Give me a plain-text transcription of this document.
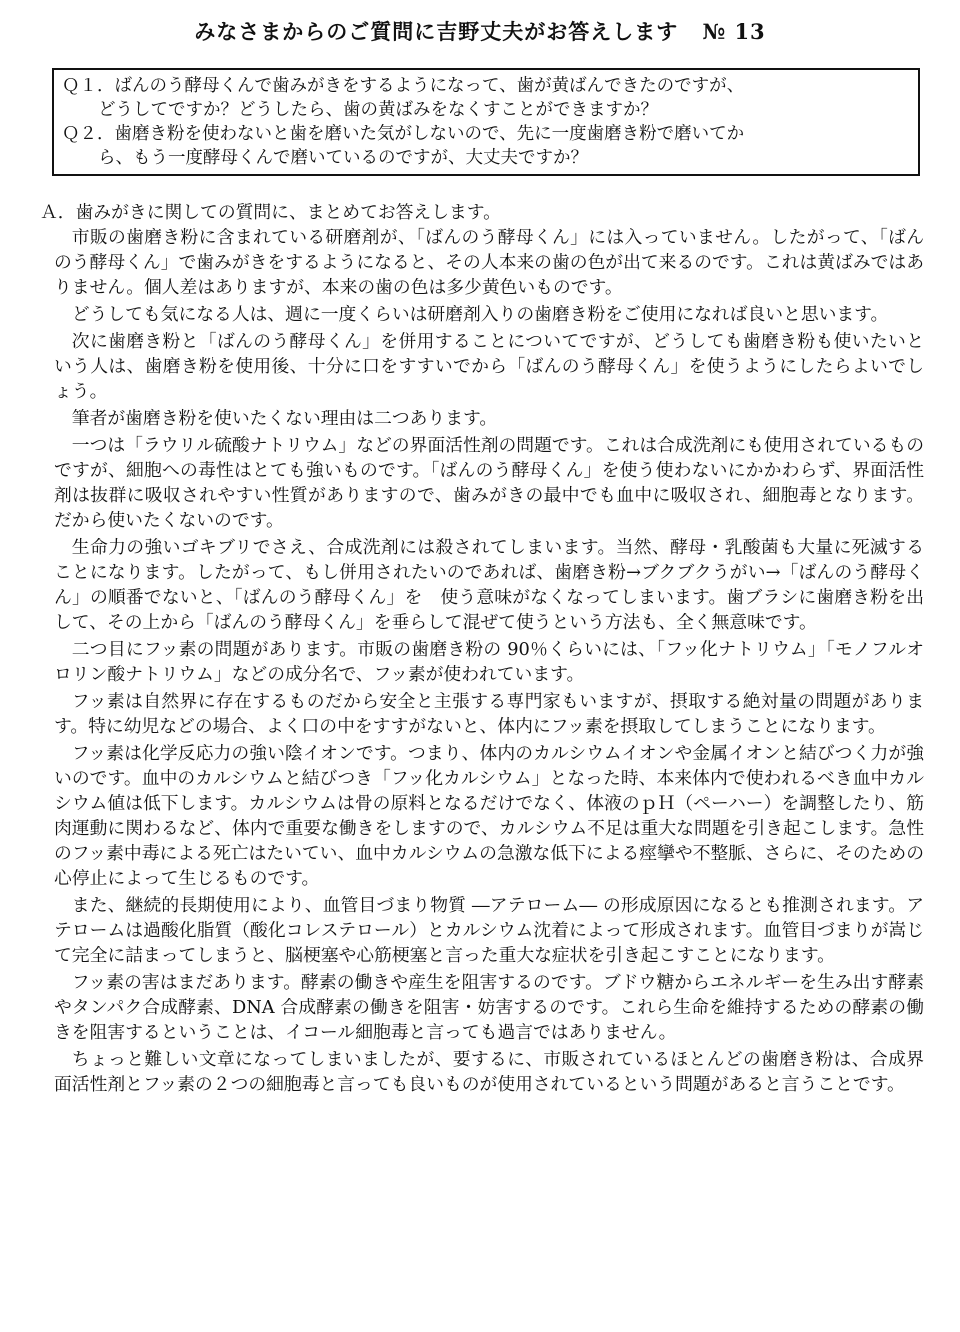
みなさまからのご質問に吉野丈夫がお答えします № 13
Ｑ１．ばんのう酵母くんで歯みがきをするようになって、歯が黄ばんできたのですが、
どうしてですか？どうしたら、歯の黄ばみをなくすことができますか？
Ｑ２．歯磨き粉を使わないと歯を磨いた気がしないので、先に一度歯磨き粉で磨いてか
ら、もう一度酵母くんで磨いているのですが、大丈夫ですか？
Ａ．歯みがきに関しての質問に、まとめてお答えします。

市販の歯磨き粉に含まれている研磨剤が、「ばんのう酵母くん」には入っていません。したがって、「ばんのう酵母くん」で歯みがきをするようになると、その人本来の歯の色が出て来るのです。これは黄ばみではありません。個人差はありますが、本来の歯の色は多少黄色いものです。

どうしても気になる人は、週に一度くらいは研磨剤入りの歯磨き粉をご使用になれば良いと思います。

次に歯磨き粉と「ばんのう酵母くん」を併用することについてですが、どうしても歯磨き粉も使いたいという人は、歯磨き粉を使用後、十分に口をすすいでから「ばんのう酵母くん」を使うようにしたらよいでしょう。

筆者が歯磨き粉を使いたくない理由は二つあります。

一つは「ラウリル硫酸ナトリウム」などの界面活性剤の問題です。これは合成洗剤にも使用されているものですが、細胞への毒性はとても強いものです。「ばんのう酵母くん」を使う使わないにかかわらず、界面活性剤は抜群に吸収されやすい性質がありますので、歯みがきの最中でも血中に吸収され、細胞毒となります。だから使いたくないのです。

生命力の強いゴキブリでさえ、合成洗剤には殺されてしまいます。当然、酵母・乳酸菌も大量に死滅することになります。したがって、もし併用されたいのであれば、歯磨き粉→ブクブクうがい→「ばんのう酵母くん」の順番でないと、「ばんのう酵母くん」を　使う意味がなくなってしまいます。歯ブラシに歯磨き粉を出して、その上から「ばんのう酵母くん」を垂らして混ぜて使うという方法も、全く無意味です。

二つ目にフッ素の問題があります。市販の歯磨き粉の 90％くらいには、「フッ化ナトリウム」「モノフルオロリン酸ナトリウム」などの成分名で、フッ素が使われています。

フッ素は自然界に存在するものだから安全と主張する専門家もいますが、摂取する絶対量の問題があります。特に幼児などの場合、よく口の中をすすがないと、体内にフッ素を摂取してしまうことになります。

フッ素は化学反応力の強い陰イオンです。つまり、体内のカルシウムイオンや金属イオンと結びつく力が強いのです。血中のカルシウムと結びつき「フッ化カルシウム」となった時、本来体内で使われるべき血中カルシウム値は低下します。カルシウムは骨の原料となるだけでなく、体液のｐＨ（ペーハー）を調整したり、筋肉運動に関わるなど、体内で重要な働きをしますので、カルシウム不足は重大な問題を引き起こします。急性のフッ素中毒による死亡はたいてい、血中カルシウムの急激な低下による痙攣や不整脈、さらに、そのための心停止によって生じるものです。

また、継続的長期使用により、血管目づまり物質 ―アテローム― の形成原因になるとも推測されます。アテロームは過酸化脂質（酸化コレステロール）とカルシウム沈着によって形成されます。血管目づまりが嵩じて完全に詰まってしまうと、脳梗塞や心筋梗塞と言った重大な症状を引き起こすことになります。

フッ素の害はまだあります。酵素の働きや産生を阻害するのです。ブドウ糖からエネルギーを生み出す酵素やタンパク合成酵素、DNA 合成酵素の働きを阻害・妨害するのです。これら生命を維持するための酵素の働きを阻害するということは、イコール細胞毒と言っても過言ではありません。

ちょっと難しい文章になってしまいましたが、要するに、市販されているほとんどの歯磨き粉は、合成界面活性剤とフッ素の２つの細胞毒と言っても良いものが使用されているという問題があると言うことです。
